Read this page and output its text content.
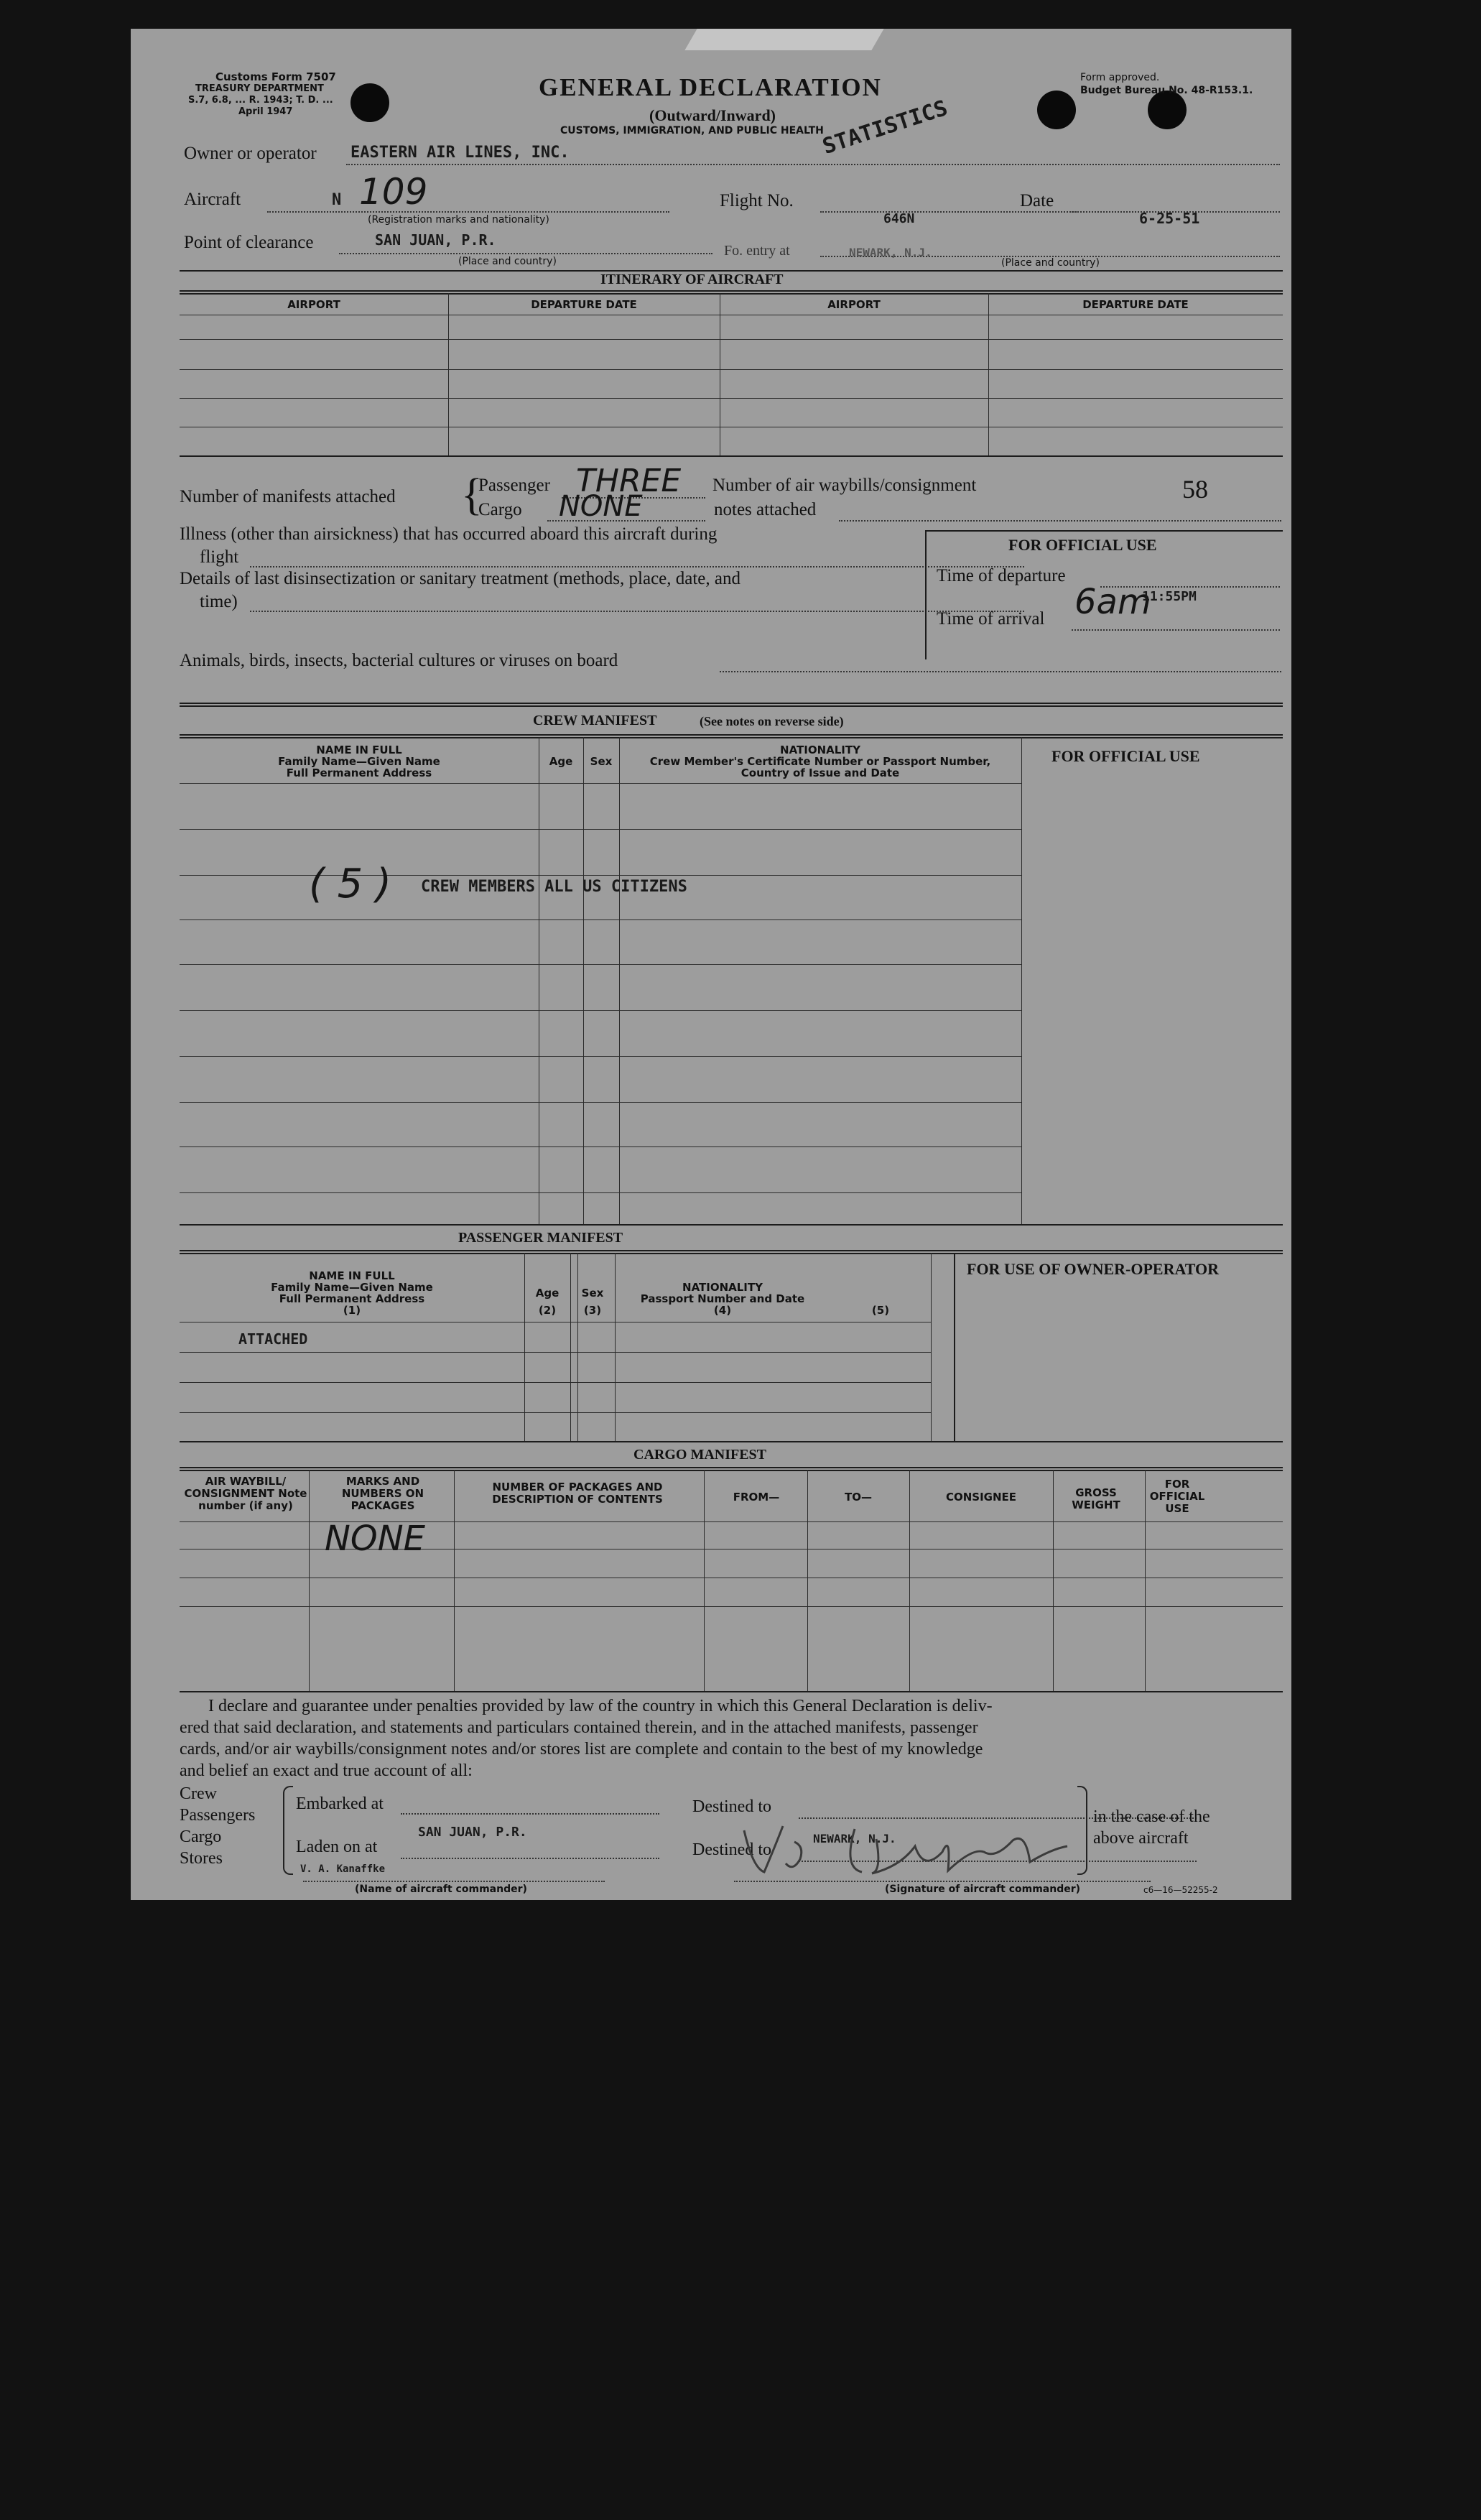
Customs Form 7507
TREASURY DEPARTMENT
S.7, 6.8, ... R. 1943; T. D. ...
April 1947
GENERAL DECLARATION
(Outward/Inward)
CUSTOMS, IMMIGRATION, AND PUBLIC HEALTH
STATISTICS
Form approved.
Budget Bureau No. 48-R153.1.
Owner or operator EASTERN AIR LINES, INC.
Aircraft	N 109
(Registration marks and nationality)
Flight No.
646N
Date
6-25-51
Point of clearance	SAN JUAN, P.R.
(Place and country)
Fo. entry at	NEWARK, N.J.
(Place and country)
ITINERARY OF AIRCRAFT
AIRPORT	DEPARTURE DATE	AIRPORT	DEPARTURE DATE
Number of manifests attached {
Passenger THREE
Cargo NONE
Number of air waybills/consignment
notes attached
58
Illness (other than airsickness) that has occurred aboard this aircraft during
flight
Details of last disinsectization or sanitary treatment (methods, place, date, and
time)
Animals, birds, insects, bacterial cultures or viruses on board
FOR OFFICIAL USE
Time of departure
Time of arrival 6am
11:55PM
CREW MANIFEST	(See notes on reverse side)
NAME IN FULL
Family Name—Given Name
Full Permanent Address
Age	Sex
NATIONALITY
Crew Member's Certificate Number or Passport Number,
Country of Issue and Date
FOR OFFICIAL USE
( 5 ) CREW MEMBERS ALL US CITIZENS
PASSENGER MANIFEST
NAME IN FULL
Family Name—Given Name
Full Permanent Address
(1)
Age
(2)
Sex
(3)
NATIONALITY
Passport Number and Date
(4)	(5)
FOR USE OF OWNER-OPERATOR
ATTACHED
CARGO MANIFEST
AIR WAYBILL/ CONSIGNMENT Note number (if any)
MARKS AND NUMBERS ON PACKAGES
NUMBER OF PACKAGES AND DESCRIPTION OF CONTENTS	FROM—	TO—	CONSIGNEE	GROSS WEIGHT
FOR OFFICIAL USE
NONE
I declare and guarantee under penalties provided by law of the country in which this General Declaration is deliv-
ered that said declaration, and statements and particulars contained therein, and in the attached manifests, passenger
cards, and/or air waybills/consignment notes and/or stores list are complete and contain to the best of my knowledge
and belief an exact and true account of all:
Crew
Passengers
Cargo
Stores
Embarked at
Laden on at
SAN JUAN, P.R.
Destined to
Destined to
NEWARK, N.J.
in the case of the
above aircraft
V. A. Kanaffke
(Name of aircraft commander)	(Signature of aircraft commander)	c6—16—52255-2
